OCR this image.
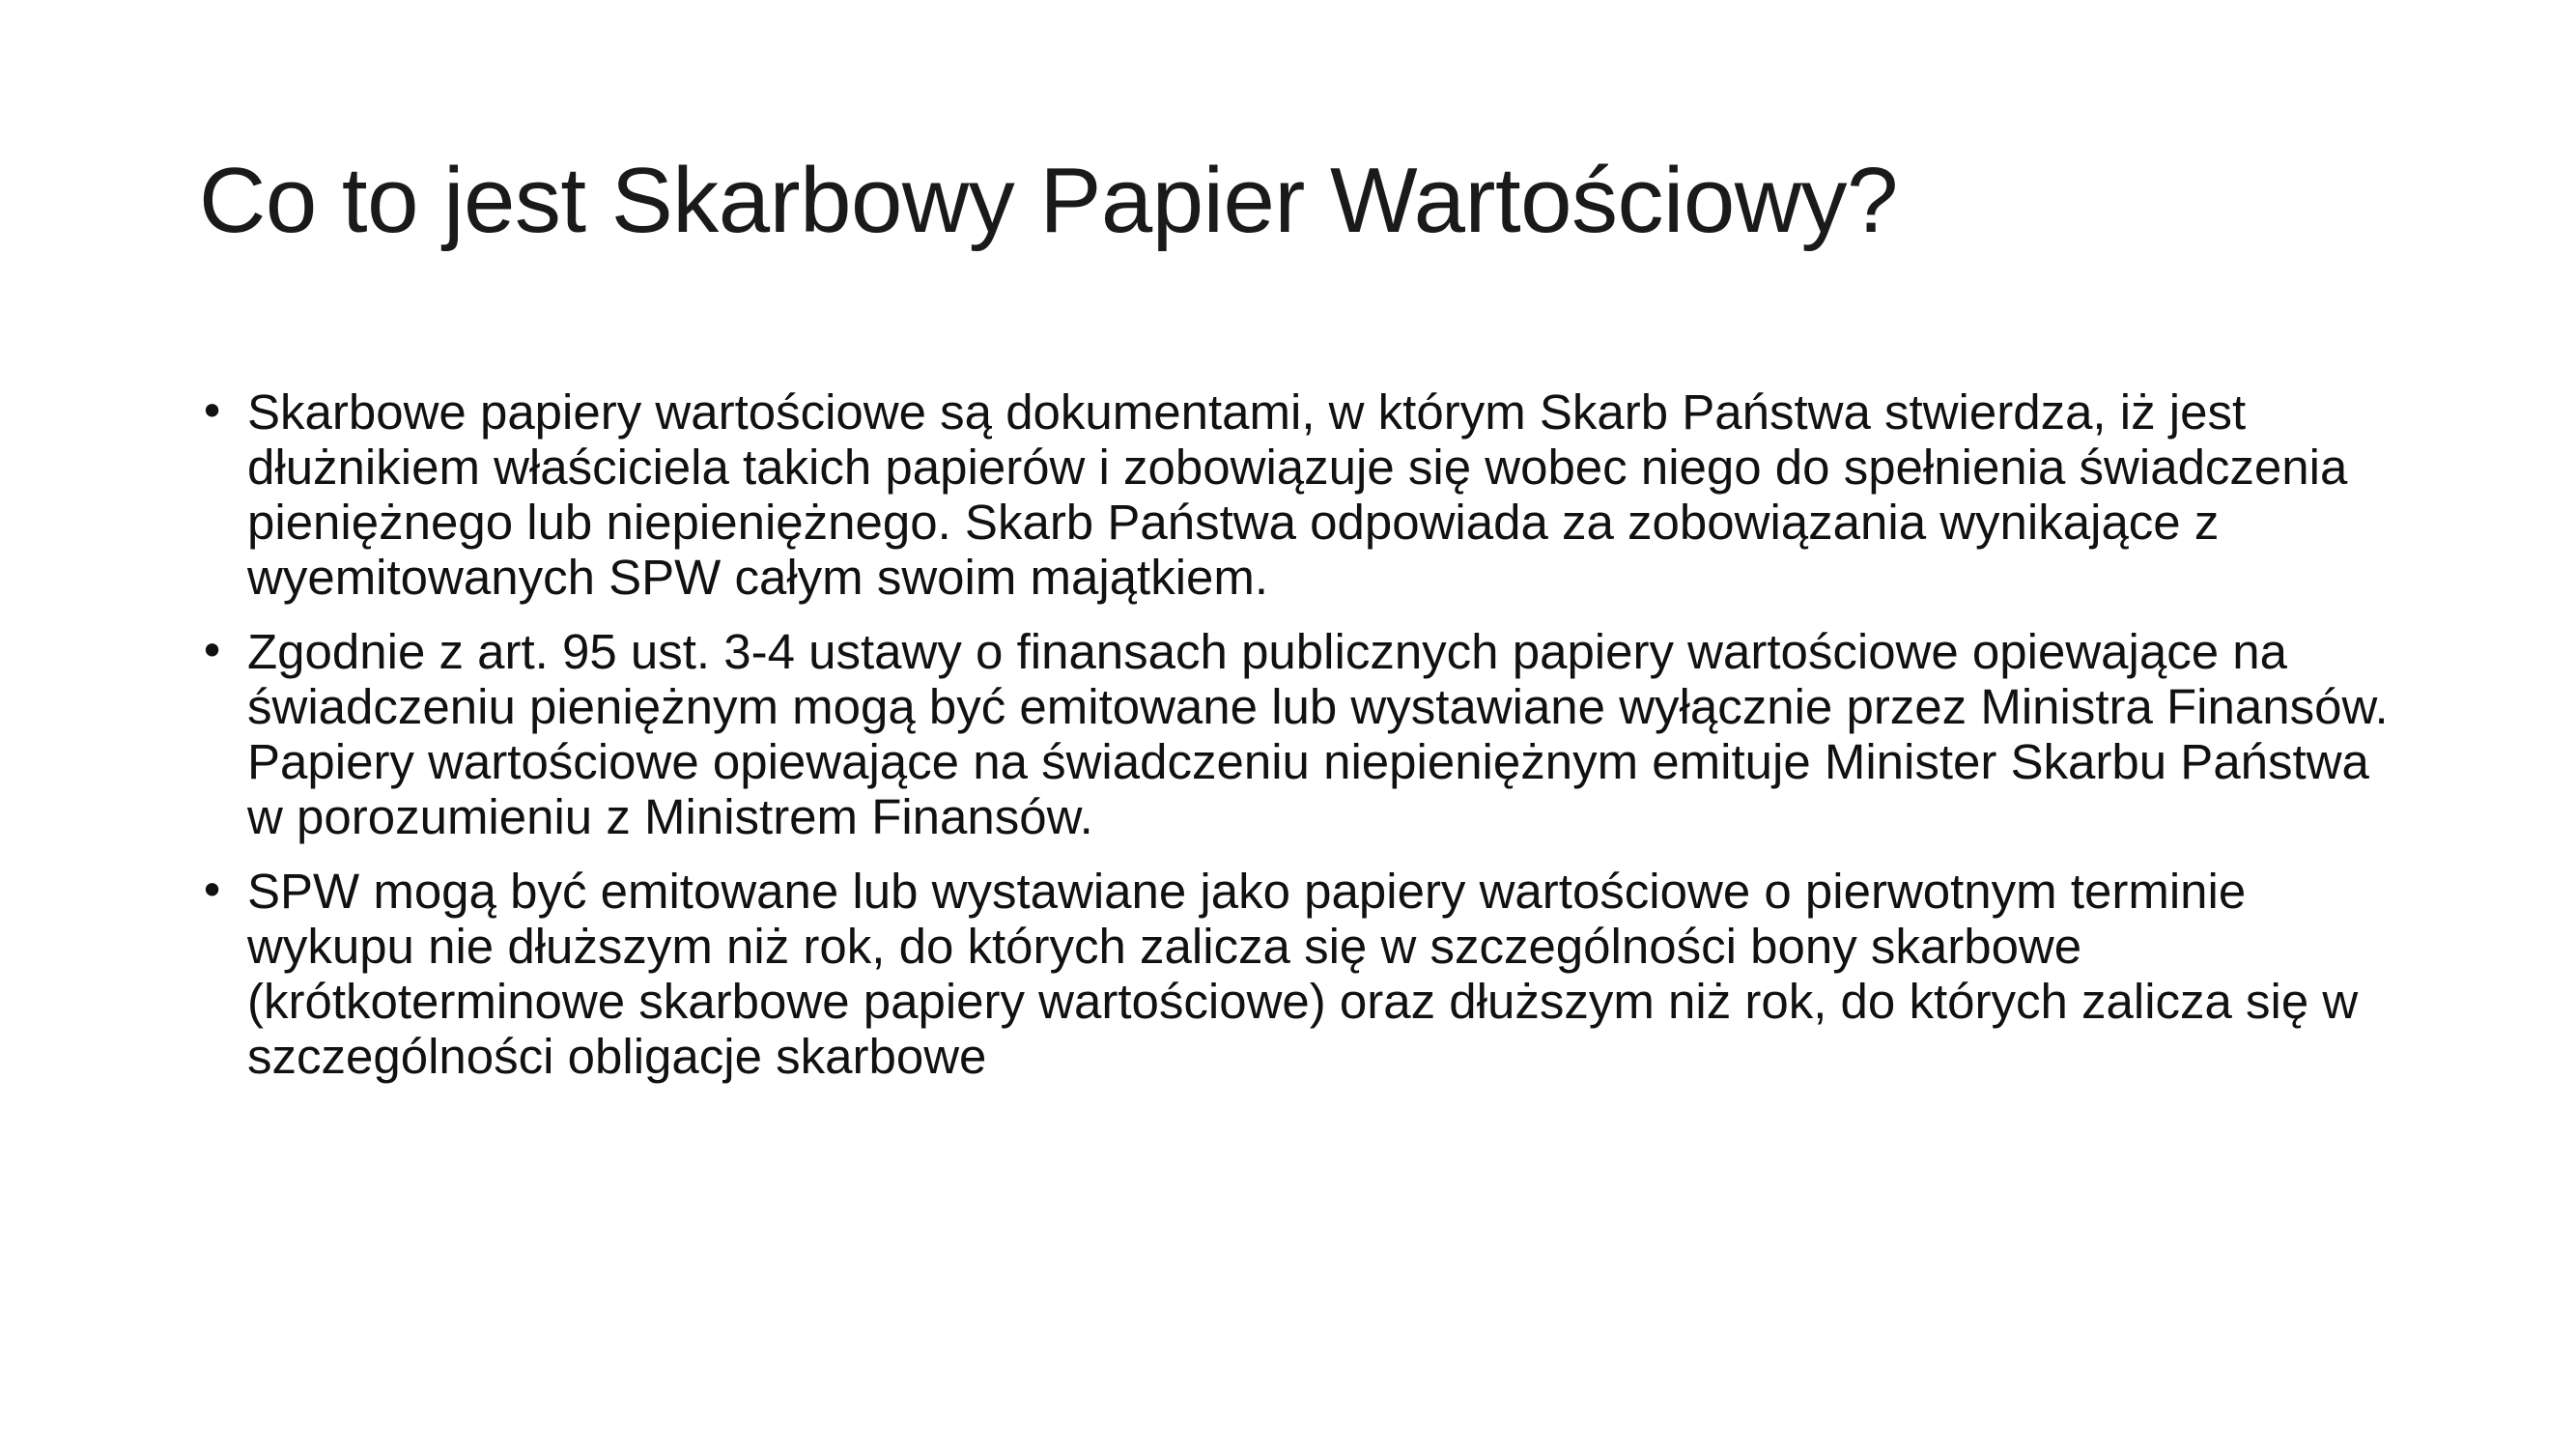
Co to jest Skarbowy Papier Wartościowy?
• Skarbowe papiery wartościowe są dokumentami, w którym Skarb Państwa stwierdza, iż jest dłużnikiem właściciela takich papierów i zobowiązuje się wobec niego do spełnienia świadczenia pieniężnego lub niepieniężnego. Skarb Państwa odpowiada za zobowiązania wynikające z wyemitowanych SPW całym swoim majątkiem.
• Zgodnie z art. 95 ust. 3-4 ustawy o finansach publicznych papiery wartościowe opiewające na świadczeniu pieniężnym mogą być emitowane lub wystawiane wyłącznie przez Ministra Finansów. Papiery wartościowe opiewające na świadczeniu niepieniężnym emituje Minister Skarbu Państwa w porozumieniu z Ministrem Finansów.
• SPW mogą być emitowane lub wystawiane jako papiery wartościowe o pierwotnym terminie wykupu nie dłuższym niż rok, do których zalicza się w szczególności bony skarbowe (krótkoterminowe skarbowe papiery wartościowe) oraz dłuższym niż rok, do których zalicza się w szczególności obligacje skarbowe
